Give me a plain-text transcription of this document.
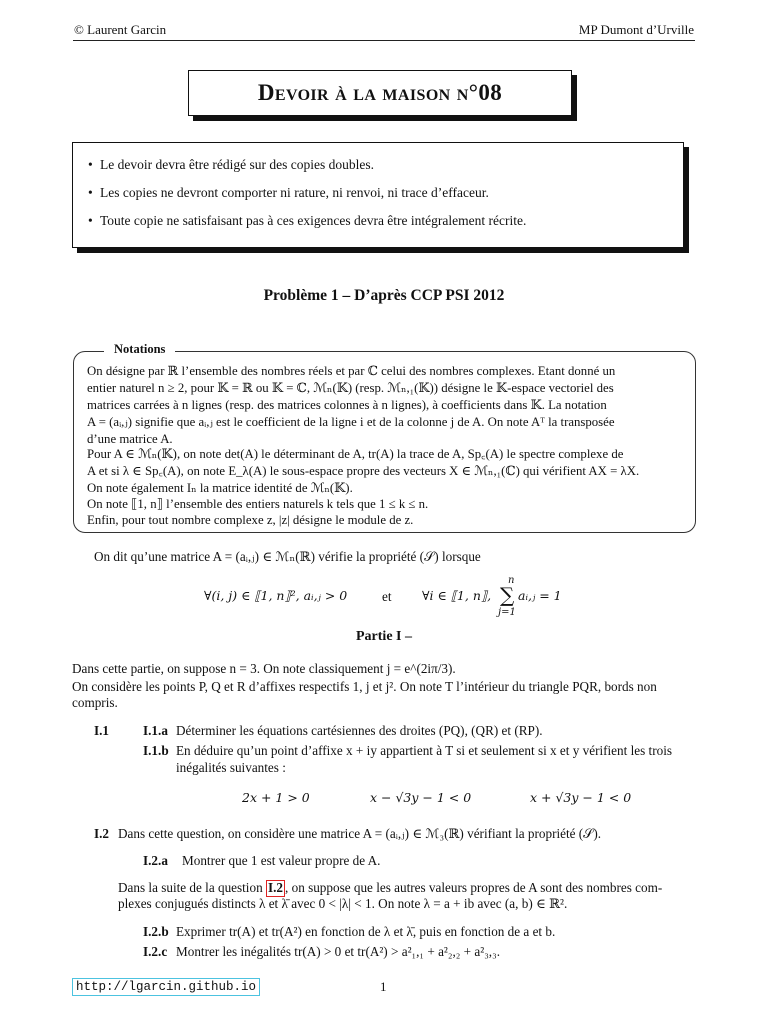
© Laurent Garcin	MP Dumont d’Urville
Devoir à la maison n°08
• Le devoir devra être rédigé sur des copies doubles.
• Les copies ne devront comporter ni rature, ni renvoi, ni trace d’effaceur.
• Toute copie ne satisfaisant pas à ces exigences devra être intégralement récrite.
Problème 1 – D’après CCP PSI 2012
Notations
On désigne par ℝ l’ensemble des nombres réels et par ℂ celui des nombres complexes. Etant donné un
entier naturel n ≥ 2, pour 𝕂 = ℝ ou 𝕂 = ℂ, ℳₙ(𝕂) (resp. ℳₙ,₁(𝕂)) désigne le 𝕂-espace vectoriel des
matrices carrées à n lignes (resp. des matrices colonnes à n lignes), à coefficients dans 𝕂. La notation
A = (aᵢ,ⱼ) signifie que aᵢ,ⱼ est le coefficient de la ligne i et de la colonne j de A. On note Aᵀ la transposée
d’une matrice A.
Pour A ∈ ℳₙ(𝕂), on note det(A) le déterminant de A, tr(A) la trace de A, Sp꜀(A) le spectre complexe de
A et si λ ∈ Sp꜀(A), on note E_λ(A) le sous-espace propre des vecteurs X ∈ ℳₙ,₁(ℂ) qui vérifient AX = λX.
On note également Iₙ la matrice identité de ℳₙ(𝕂).
On note ⟦1, n⟧ l’ensemble des entiers naturels k tels que 1 ≤ k ≤ n.
Enfin, pour tout nombre complexe z, |z| désigne le module de z.
On dit qu’une matrice A = (aᵢ,ⱼ) ∈ ℳₙ(ℝ) vérifie la propriété (𝒮) lorsque
∀(i, j) ∈ ⟦1, n⟧², aᵢ,ⱼ > 0	et ∀i ∈ ⟦1, n⟧,
n
∑
j=1
aᵢ,ⱼ = 1
Partie I –
Dans cette partie, on suppose n = 3. On note classiquement j = e^(2iπ/3).
On considère les points P, Q et R d’affixes respectifs 1, j et j². On note T l’intérieur du triangle PQR, bords non
compris.
I.1	I.1.a Déterminer les équations cartésiennes des droites (PQ), (QR) et (RP).
I.1.b En déduire qu’un point d’affixe x + iy appartient à T si et seulement si x et y vérifient les trois
inégalités suivantes :
2x + 1 > 0	x − √3y − 1 < 0	x + √3y − 1 < 0
I.2 Dans cette question, on considère une matrice A = (aᵢ,ⱼ) ∈ ℳ₃(ℝ) vérifiant la propriété (𝒮).
I.2.a Montrer que 1 est valeur propre de A.
Dans la suite de la question I.2 , on suppose que les autres valeurs propres de A sont des nombres com-
plexes conjugués distincts λ et λ̄ avec 0 < |λ| < 1. On note λ = a + ib avec (a, b) ∈ ℝ².
I.2.b Exprimer tr(A) et tr(A²) en fonction de λ et λ̄, puis en fonction de a et b.
I.2.c Montrer les inégalités tr(A) > 0 et tr(A²) > a²₁,₁ + a²₂,₂ + a²₃,₃.
http://lgarcin.github.io	1
